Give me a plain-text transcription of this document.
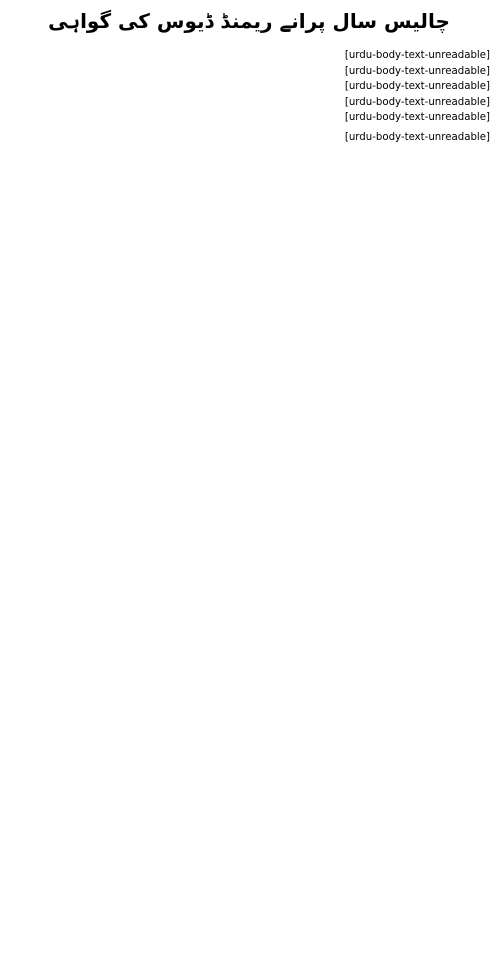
چالیس سال پرانے ریمنڈ ڈیوس کی گواہی

[urdu-body-text-unreadable]

[urdu-body-text-unreadable]

[urdu-body-text-unreadable]

[urdu-body-text-unreadable]

[urdu-body-text-unreadable]

[urdu-body-text-unreadable]
